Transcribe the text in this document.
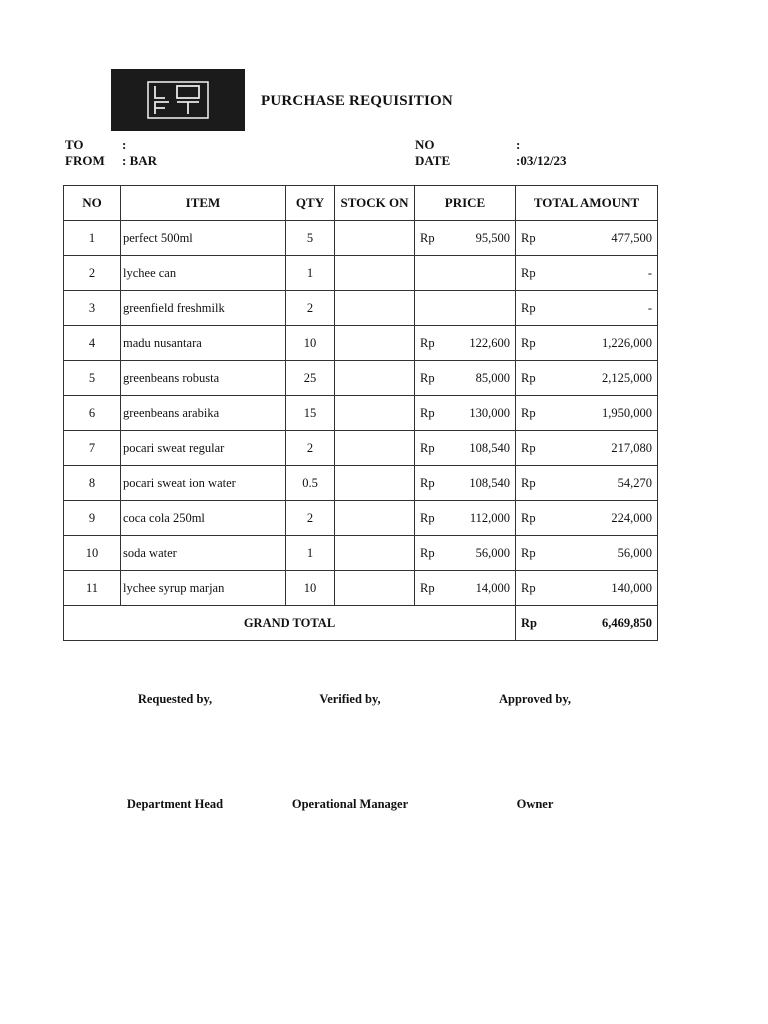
PURCHASE REQUISITION
TO	:
FROM : BAR
NO	:
DATE	:03/12/23
NO	ITEM	QTY	STOCK ON	PRICE	TOTAL AMOUNT
1	perfect 500ml	5		Rp 95,500	Rp 477,500

2	lychee can	1			Rp -

3	greenfield freshmilk	2			Rp -

4	madu nusantara	10		Rp 122,600	Rp 1,226,000

5	greenbeans robusta	25		Rp 85,000	Rp 2,125,000

6	greenbeans arabika	15		Rp 130,000	Rp 1,950,000

7	pocari sweat regular	2		Rp 108,540	Rp 217,080

8	pocari sweat ion water	0.5		Rp 108,540	Rp 54,270

9	coca cola 250ml	2		Rp 112,000	Rp 224,000

10	soda water	1		Rp 56,000	Rp 56,000

11	lychee syrup marjan	10		Rp 14,000	Rp 140,000

GRAND TOTAL					Rp 6,469,850
Requested by,	Verified by,	Approved by,
Department Head	Operational Manager	Owner
